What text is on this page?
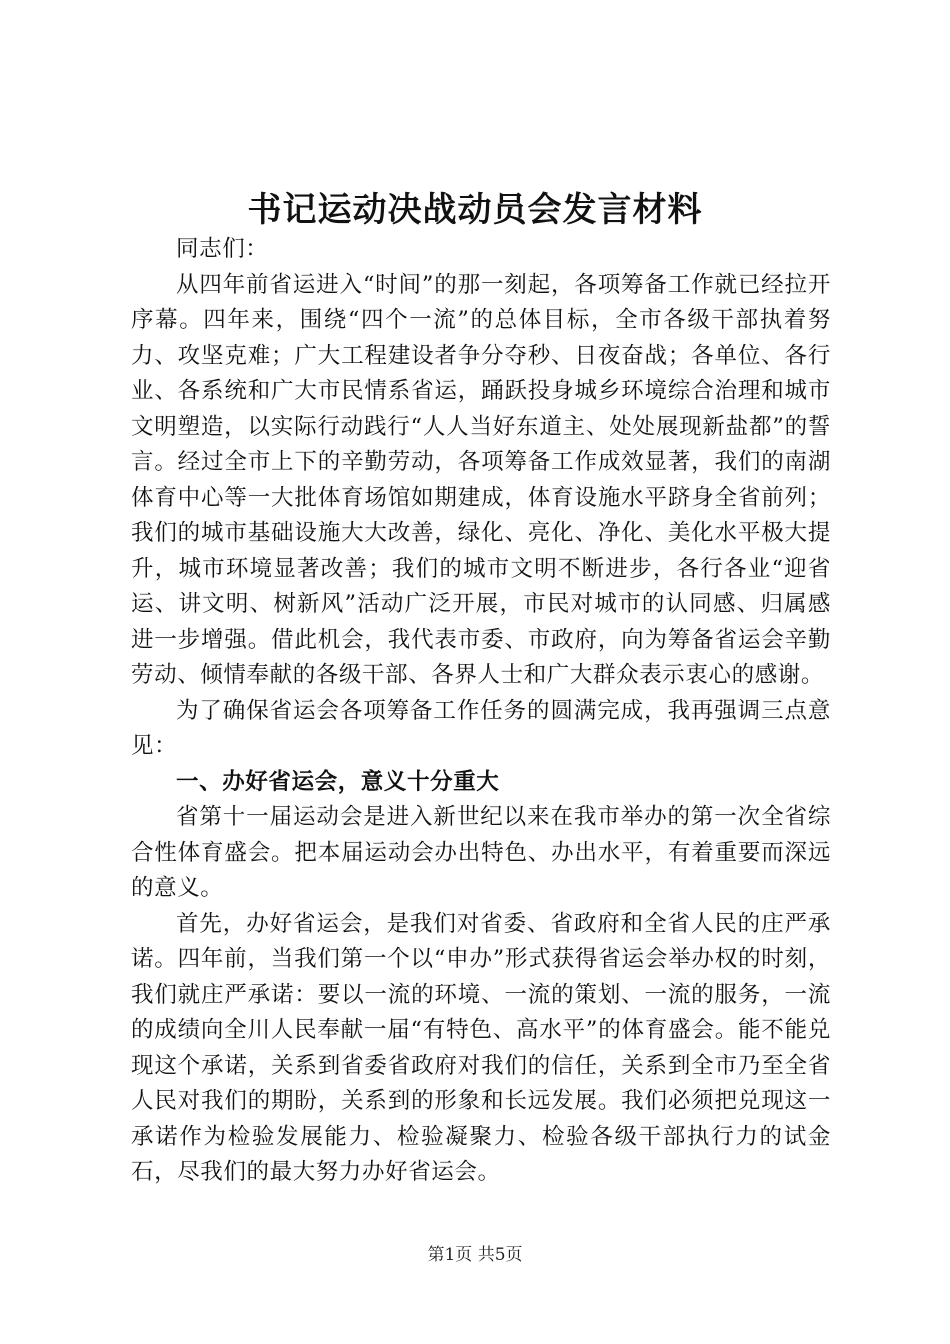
书记运动决战动员会发言材料

同志们：

从四年前省运进入“时间”的那一刻起，各项筹备工作就已经拉开序幕。四年来，围绕“四个一流”的总体目标，全市各级干部执着努力、攻坚克难；广大工程建设者争分夺秒、日夜奋战；各单位、各行业、各系统和广大市民情系省运，踊跃投身城乡环境综合治理和城市文明塑造，以实际行动践行“人人当好东道主、处处展现新盐都”的誓言。经过全市上下的辛勤劳动，各项筹备工作成效显著，我们的南湖体育中心等一大批体育场馆如期建成，体育设施水平跻身全省前列；我们的城市基础设施大大改善，绿化、亮化、净化、美化水平极大提升，城市环境显著改善；我们的城市文明不断进步，各行各业“迎省运、讲文明、树新风”活动广泛开展，市民对城市的认同感、归属感进一步增强。借此机会，我代表市委、市政府，向为筹备省运会辛勤劳动、倾情奉献的各级干部、各界人士和广大群众表示衷心的感谢。

为了确保省运会各项筹备工作任务的圆满完成，我再强调三点意见：

一、办好省运会，意义十分重大

省第十一届运动会是进入新世纪以来在我市举办的第一次全省综合性体育盛会。把本届运动会办出特色、办出水平，有着重要而深远的意义。

首先，办好省运会，是我们对省委、省政府和全省人民的庄严承诺。四年前，当我们第一个以“申办”形式获得省运会举办权的时刻，我们就庄严承诺：要以一流的环境、一流的策划、一流的服务，一流的成绩向全川人民奉献一届“有特色、高水平”的体育盛会。能不能兑现这个承诺，关系到省委省政府对我们的信任，关系到全市乃至全省人民对我们的期盼，关系到的形象和长远发展。我们必须把兑现这一承诺作为检验发展能力、检验凝聚力、检验各级干部执行力的试金石，尽我们的最大努力办好省运会。

第1页 共5页
